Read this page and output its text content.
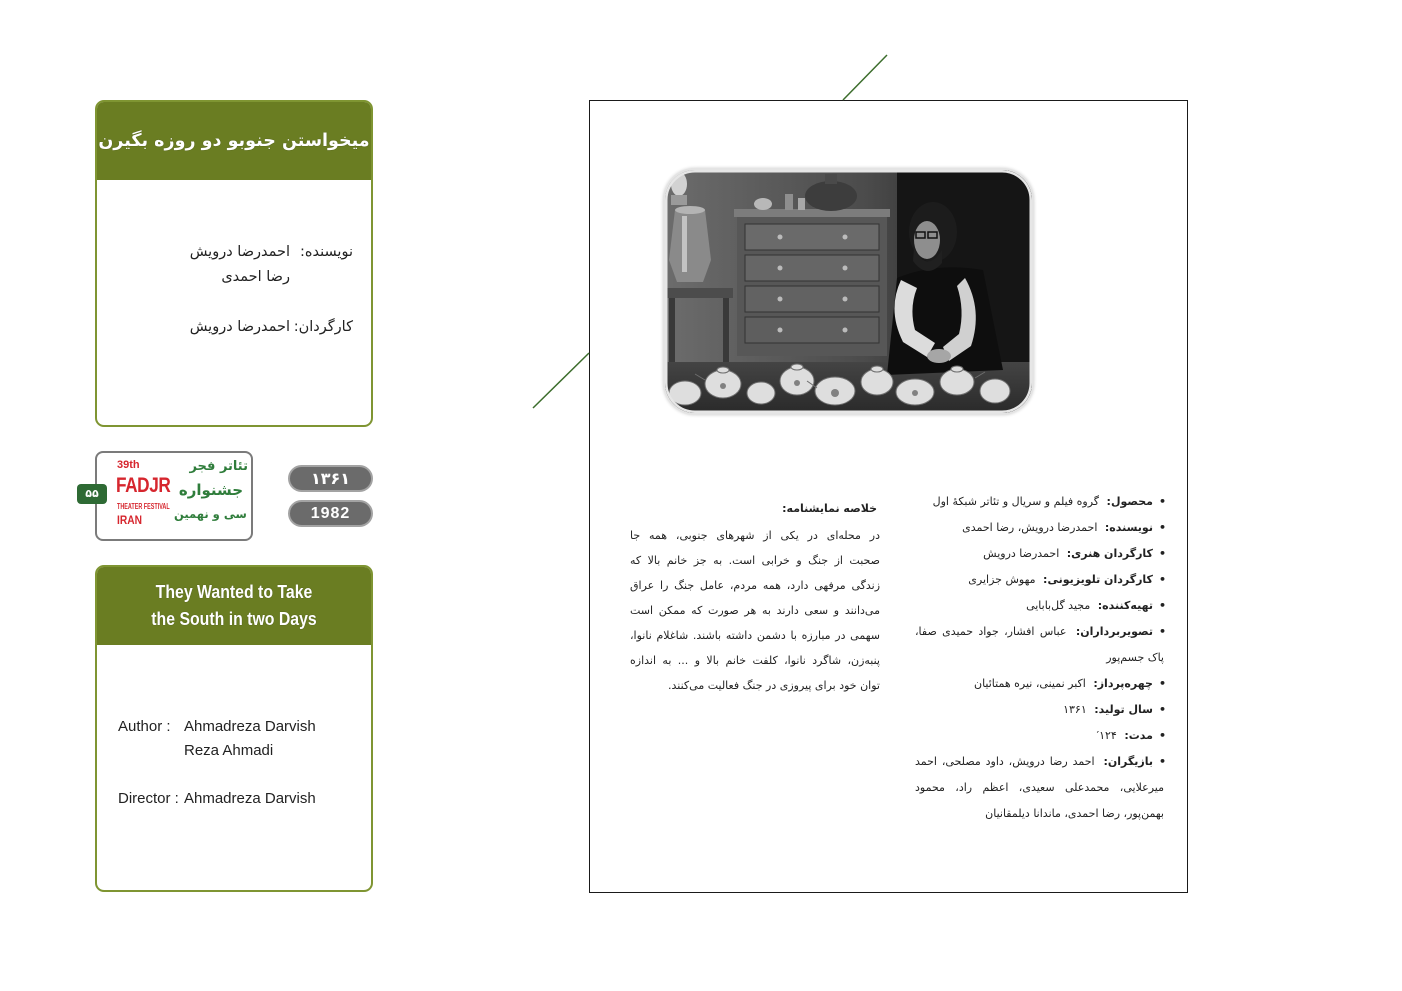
میخواستن جنوبو دو روزه بگیرن
نویسنده:
احمدرضا درویش
رضا احمدی
کارگردان:
احمدرضا درویش
۵۵
39th
FADJR
THEATER FESTIVAL
IRAN
تئاتر فجر
جشنواره
سی و نهمین
۱۳۶۱
1982
They Wanted to Take
the South in two Days
Author : Ahmadreza Darvish
Reza Ahmadi
Director : Ahmadreza Darvish
خلاصه نمایشنامه:
در محله‌ای در یکی از شهرهای جنوبی، همه جا
صحبت از جنگ و خرابی است. به جز خانم بالا که
زندگی مرفهی دارد، همه مردم، عامل جنگ را عراق
می‌دانند و سعی دارند به هر صورت که ممکن است
سهمی در مبارزه با دشمن داشته باشند. شاغلام نانوا،
پنبه‌زن، شاگرد نانوا، کلفت خانم بالا و ... به اندازه
توان خود برای پیروزی در جنگ فعالیت می‌کنند.
• محصول: گروه فیلم و سریال و تئاتر شبکهٔ اول
• نویسنده: احمدرضا درویش، رضا احمدی
• کارگردان هنری: احمدرضا درویش
• کارگردان تلویزیونی: مهوش جزایری
• تهیه‌کننده: مجید گل‌بابایی
• تصویربرداران: عباس افشار، جواد حمیدی صفا،
پاک جسم‌پور
• چهره‌پرداز: اکبر نمینی، نیره همتائیان
• سال تولید: ۱۳۶۱
• مدت: ۱۲۴′
• بازیگران: احمد رضا درویش، داود مصلحی، احمد
میرعلایی، محمدعلی سعیدی، اعظم راد، محمود
بهمن‌پور، رضا احمدی، ماندانا دیلمقانیان
